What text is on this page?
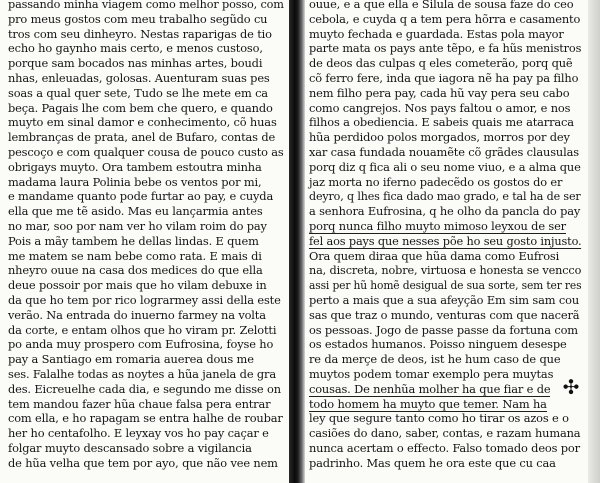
passando minha viagem como melhor posso, com
pro meus gostos com meu trabalho segũdo cu
tros com seu dinheyro. Nestas raparigas de tio
echo ho gaynho mais certo, e menos custoso,
porque sam bocados nas minhas artes, boudi
nhas, enleuadas, golosas. Auenturam suas pes
soas a qual quer sete, Tudo se lhe mete em ca
beça. Pagais lhe com bem che quero, e quando
muyto em sinal damor e conhecimento, cõ huas
lembranças de prata, anel de Bufaro, contas de
pescoço e com qualquer cousa de pouco custo as
obrigays muyto. Ora tambem estoutra minha
madama laura Polinia bebe os ventos por mi,
e mandame quanto pode furtar ao pay, e cuyda
ella que me tẽ asido. Mas eu lançarmia antes
no mar, soo por nam ver ho vilam roim do pay
Pois a mãy tambem he dellas lindas. E quem
me matem se nam bebe como rata. E mais di
nheyro ouue na casa dos medices do que ella
deue possoir por mais que ho vilam debuxe in
da que ho tem por rico lograrmey assi della este
verão. Na entrada do inuerno farmey na volta
da corte, e entam olhos que ho viram pr. Zelotti
po anda muy prospero com Eufrosina, foyse ho
pay a Santiago em romaria auerea dous me
ses. Falalhe todas as noytes a hũa janela de gra
des. Eicreuelhe cada dia, e segundo me disse on
tem mandou fazer hũa chaue falsa pera entrar
com ella, e ho rapagam se entra halhe de roubar
her ho centafolho. E leyxay vos ho pay caçar e
folgar muyto descansado sobre a vigilancia
de hũa velha que tem por ayo, que não vee nem
ouue, e a que ella e Silula de sousa faze do ceo
cebola, e cuyda q a tem pera hõrra e casamento
muyto fechada e guardada. Estas pola mayor
parte mata os pays ante tẽpo, e fa hũs menistros
de deos das culpas q eles cometerão, porq quẽ
cõ ferro fere, inda que iagora nẽ ha pay pa filho
nem filho pera pay, cada hũ vay pera seu cabo
como cangrejos. Nos pays faltou o amor, e nos
filhos a obediencia. E sabeis quais me atarraca
hũa perdidoo polos morgados, morros por dey
xar casa fundada nouamẽte cõ grãdes clausulas
porq diz q fica ali o seu nome viuo, e a alma que
jaz morta no iferno padecẽdo os gostos do er
deyro, q lhes fica dado mao grado, e tal ha de ser
a senhora Eufrosina, q he olho da pancla do pay
porq nunca filho muyto mimoso leyxou de ser
fel aos pays que nesses põe ho seu gosto injusto.
Ora quem diraa que hũa dama como Eufrosi
na, discreta, nobre, virtuosa e honesta se vencco
assi per hũ homẽ desigual de sua sorte, sem ter res
perto a mais que a sua afeyção Em sim sam cou
sas que traz o mundo, venturas com que nacerã
os pessoas. Jogo de passe passe da fortuna com
os estados humanos. Poisso ninguem desespe
re da merçe de deos, ist he hum caso de que
muytos podem tomar exemplo pera muytas
cousas. De nenhũa molher ha que fiar e de
todo homem ha muyto que temer. Nam ha
ley que segure tanto como ho tirar os azos e o
casiões do dano, saber, contas, e razam humana
nunca acertam o effecto. Falso tomado deos por
padrinho. Mas quem he ora este que cu caa
✣
